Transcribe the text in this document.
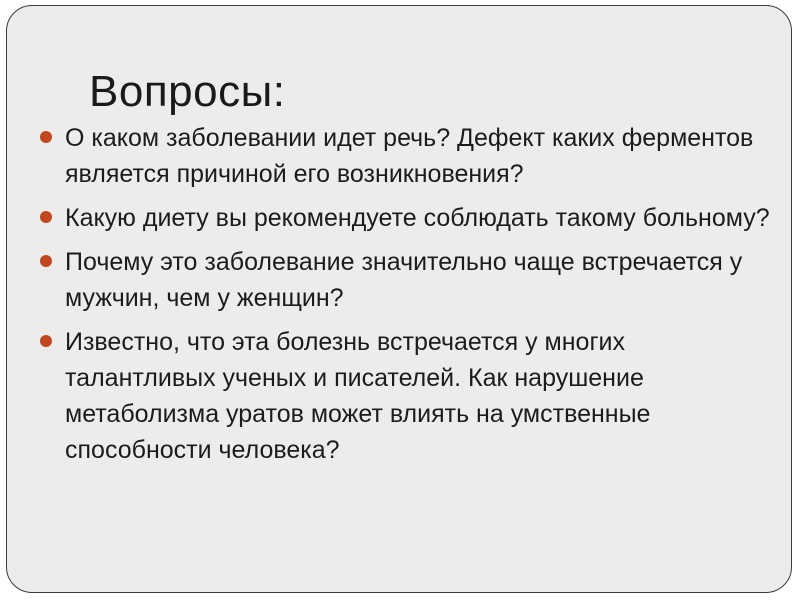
Вопросы:
О каком заболевании идет речь? Дефект каких ферментов является причиной его возникновения?
Какую диету вы рекомендуете соблюдать такому больному?
Почему это заболевание значительно чаще встречается у мужчин, чем у женщин?
Известно, что эта болезнь встречается у многих талантливых ученых и писателей. Как нарушение метаболизма уратов может влиять на умственные способности человека?
